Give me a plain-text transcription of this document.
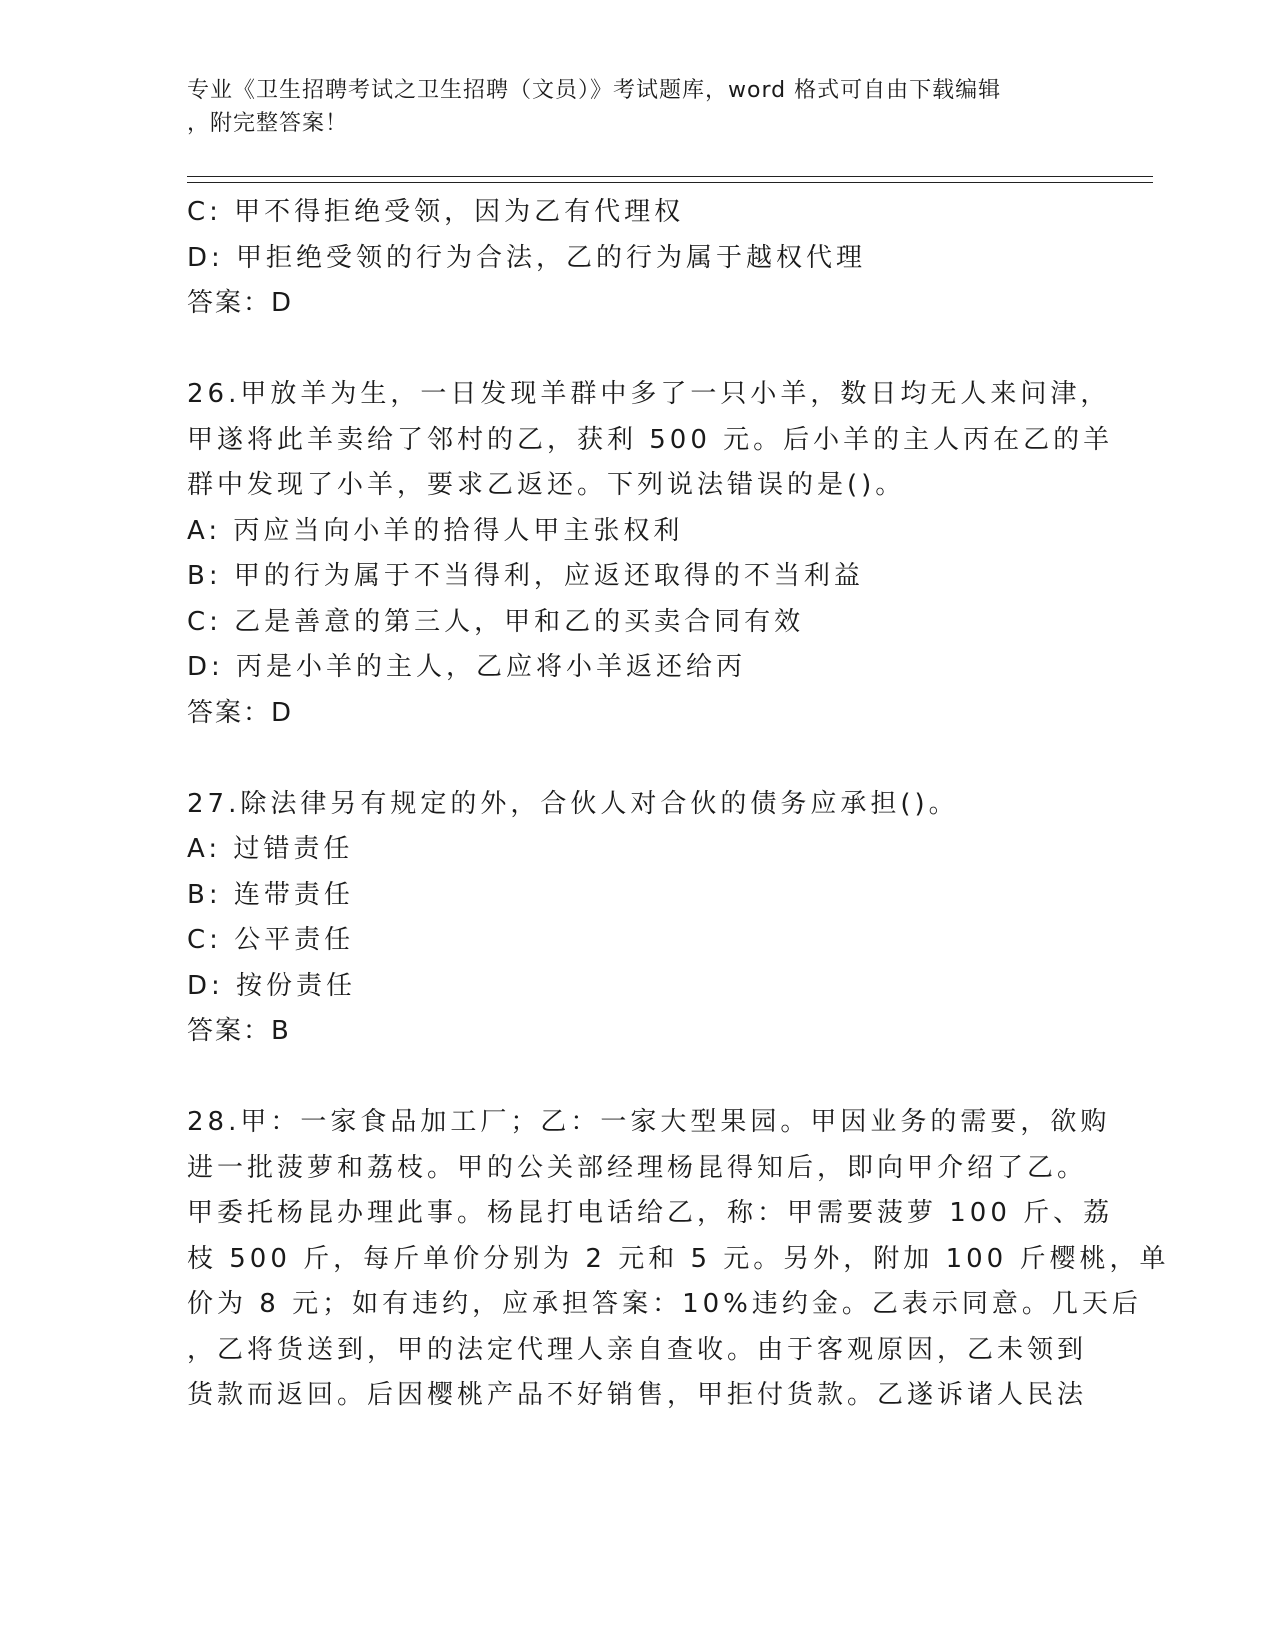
专业《卫生招聘考试之卫生招聘（文员）》考试题库，word 格式可自由下载编辑
，附完整答案！
C: 甲不得拒绝受领，因为乙有代理权
D: 甲拒绝受领的行为合法，乙的行为属于越权代理
答案：D
26.甲放羊为生，一日发现羊群中多了一只小羊，数日均无人来问津，
甲遂将此羊卖给了邻村的乙，获利 500 元。后小羊的主人丙在乙的羊
群中发现了小羊，要求乙返还。下列说法错误的是()。
A: 丙应当向小羊的拾得人甲主张权利
B: 甲的行为属于不当得利，应返还取得的不当利益
C: 乙是善意的第三人，甲和乙的买卖合同有效
D: 丙是小羊的主人，乙应将小羊返还给丙
答案：D
27.除法律另有规定的外，合伙人对合伙的债务应承担()。
A: 过错责任
B: 连带责任
C: 公平责任
D: 按份责任
答案：B
28.甲：一家食品加工厂；乙：一家大型果园。甲因业务的需要，欲购
进一批菠萝和荔枝。甲的公关部经理杨昆得知后，即向甲介绍了乙。
甲委托杨昆办理此事。杨昆打电话给乙，称：甲需要菠萝 100 斤、荔
枝 500 斤，每斤单价分别为 2 元和 5 元。另外，附加 100 斤樱桃，单
价为 8 元；如有违约，应承担答案：10%违约金。乙表示同意。几天后
，乙将货送到，甲的法定代理人亲自查收。由于客观原因，乙未领到
货款而返回。后因樱桃产品不好销售，甲拒付货款。乙遂诉诸人民法
